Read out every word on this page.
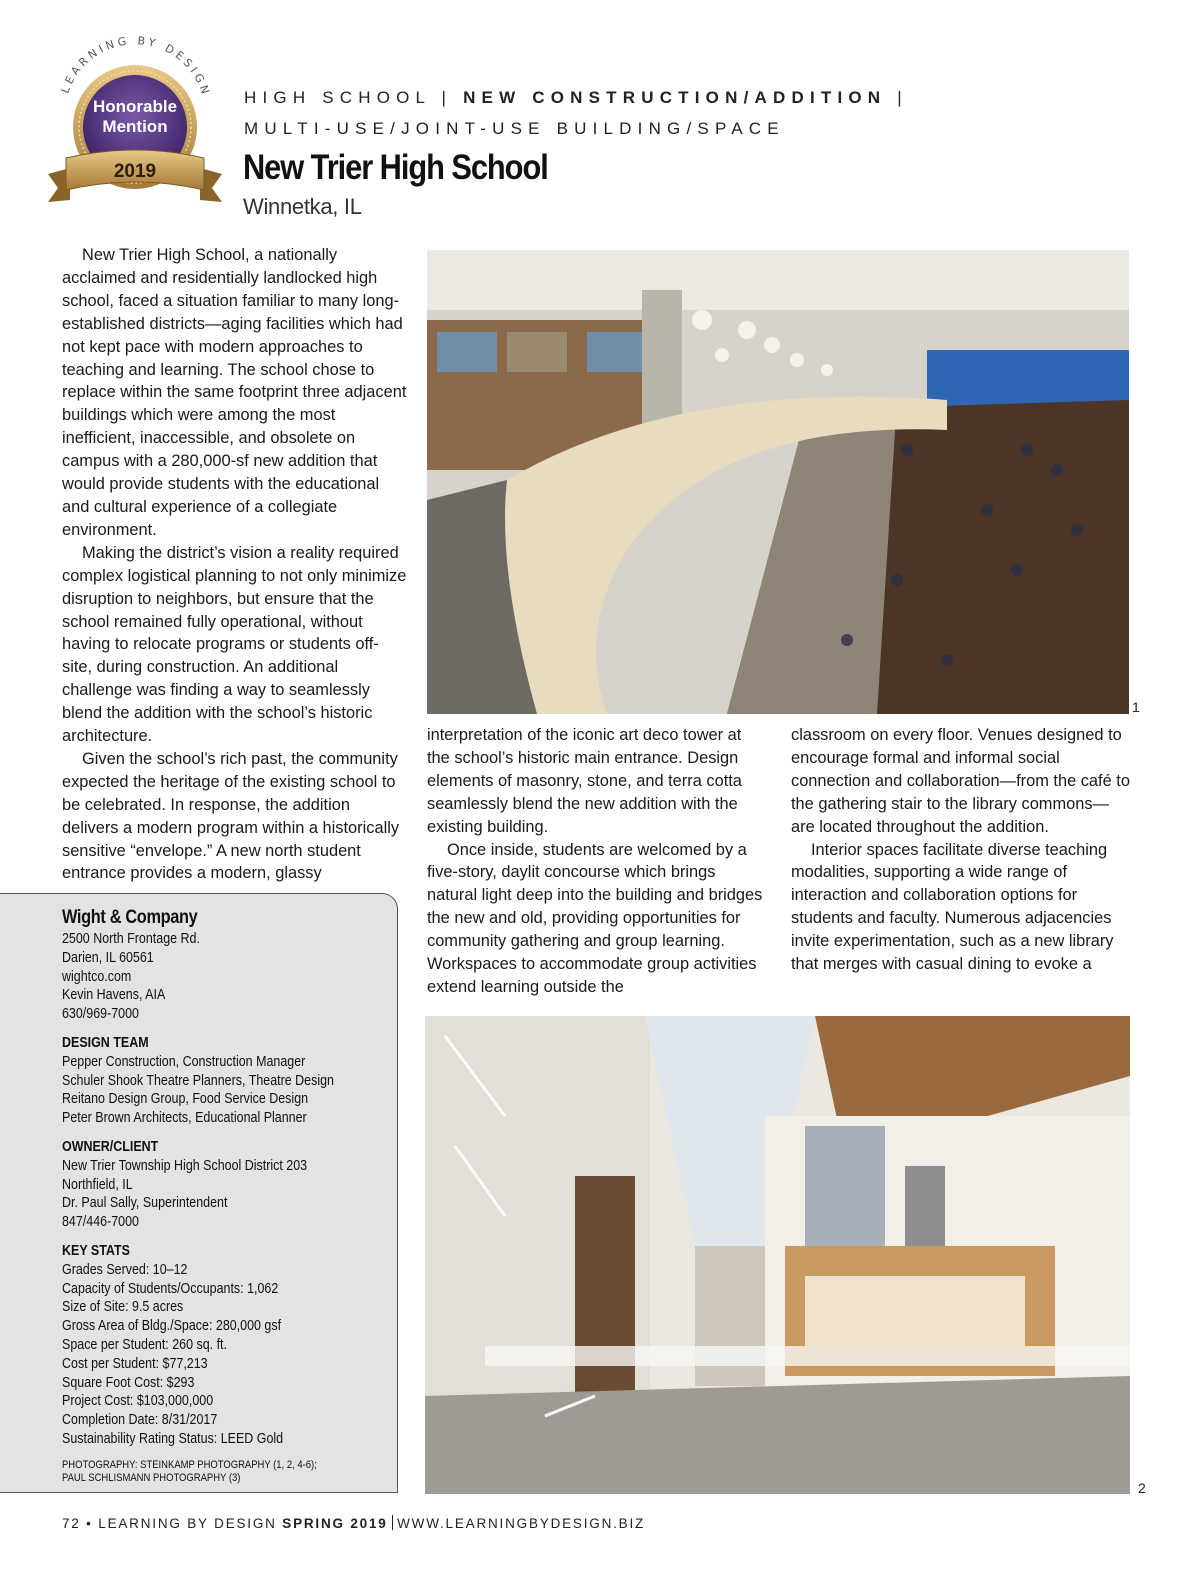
LEARNING BY DESIGN
Honorable
Mention
2019
HIGH SCHOOL | NEW CONSTRUCTION/ADDITION |
MULTI-USE/JOINT-USE BUILDING/SPACE
New Trier High School
Winnetka, IL

New Trier High School, a nationally acclaimed and residentially landlocked high school, faced a situation familiar to many long-established districts—aging facilities which had not kept pace with modern approaches to teaching and learning. The school chose to replace within the same footprint three adjacent buildings which were among the most inefficient, inaccessible, and obsolete on campus with a 280,000-sf new addition that would provide students with the educational and cultural experience of a collegiate environment.

Making the district’s vision a reality required complex logistical planning to not only minimize disruption to neighbors, but ensure that the school remained fully operational, without having to relocate programs or students off-site, during construction. An additional challenge was finding a way to seamlessly blend the addition with the school’s historic architecture.

Given the school’s rich past, the community expected the heritage of the existing school to be celebrated. In response, the addition delivers a modern program within a historically sensitive “envelope.” A new north student entrance provides a modern, glassy

1

interpretation of the iconic art deco tower at the school’s historic main entrance. Design elements of masonry, stone, and terra cotta seamlessly blend the new addition with the existing building.

Once inside, students are welcomed by a five-story, daylit concourse which brings natural light deep into the building and bridges the new and old, providing opportunities for community gathering and group learning. Workspaces to accommodate group activities extend learning outside the

classroom on every floor. Venues designed to encourage formal and informal social connection and collaboration—from the café to the gathering stair to the library commons—are located throughout the addition.

Interior spaces facilitate diverse teaching modalities, supporting a wide range of interaction and collaboration options for students and faculty. Numerous adjacencies invite experimentation, such as a new library that merges with casual dining to evoke a

2
Wight & Company
2500 North Frontage Rd.
Darien, IL 60561
wightco.com
Kevin Havens, AIA
630/969-7000
DESIGN TEAM
Pepper Construction, Construction Manager
Schuler Shook Theatre Planners, Theatre Design
Reitano Design Group, Food Service Design
Peter Brown Architects, Educational Planner
OWNER/CLIENT
New Trier Township High School District 203
Northfield, IL
Dr. Paul Sally, Superintendent
847/446-7000
KEY STATS
Grades Served: 10–12
Capacity of Students/Occupants: 1,062
Size of Site: 9.5 acres
Gross Area of Bldg./Space: 280,000 gsf
Space per Student: 260 sq. ft.
Cost per Student: $77,213
Square Foot Cost: $293
Project Cost: $103,000,000
Completion Date: 8/31/2017
Sustainability Rating Status: LEED Gold
PHOTOGRAPHY: STEINKAMP PHOTOGRAPHY (1, 2, 4-6);
PAUL SCHLISMANN PHOTOGRAPHY (3)
72 • LEARNING BY DESIGN SPRING 2019 WWW.LEARNINGBYDESIGN.BIZ
